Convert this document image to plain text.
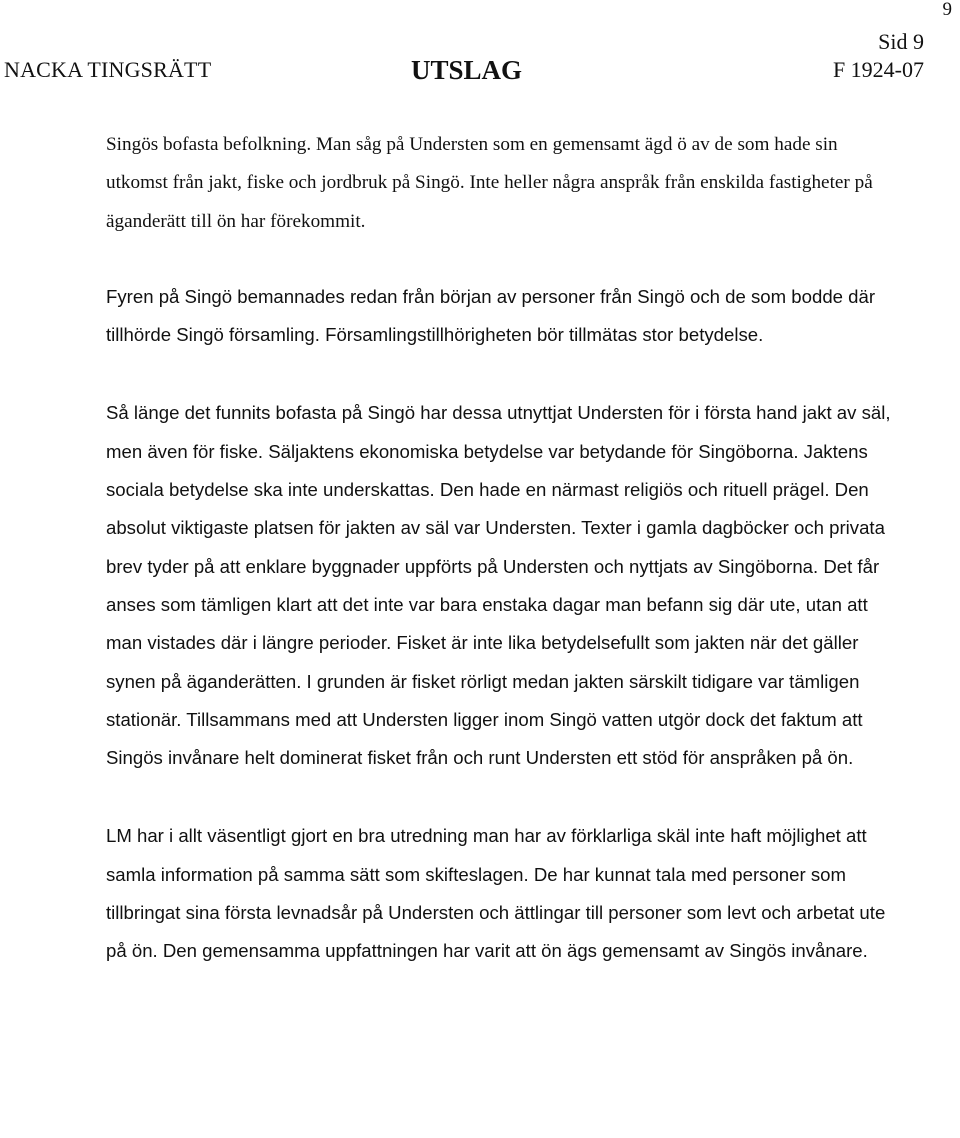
9
Sid 9
NACKA TINGSRÄTT	UTSLAG	F 1924-07

Singös bofasta befolkning. Man såg på Understen som en gemensamt ägd ö av de som hade sin utkomst från jakt, fiske och jordbruk på Singö. Inte heller några anspråk från enskilda fastigheter på äganderätt till ön har förekommit.

Fyren på Singö bemannades redan från början av personer från Singö och de som bodde där tillhörde Singö församling. Församlingstillhörigheten bör tillmätas stor betydelse.

Så länge det funnits bofasta på Singö har dessa utnyttjat Understen för i första hand jakt av säl, men även för fiske. Säljaktens ekonomiska betydelse var betydande för Singöborna. Jaktens sociala betydelse ska inte underskattas. Den hade en närmast religiös och rituell prägel. Den absolut viktigaste platsen för jakten av säl var Understen. Texter i gamla dagböcker och privata brev tyder på att enklare byggnader uppförts på Understen och nyttjats av Singöborna. Det får anses som tämligen klart att det inte var bara enstaka dagar man befann sig där ute, utan att man vistades där i längre perioder. Fisket är inte lika betydelsefullt som jakten när det gäller synen på äganderätten. I grunden är fisket rörligt medan jakten särskilt tidigare var tämligen stationär. Tillsammans med att Understen ligger inom Singö vatten utgör dock det faktum att Singös invånare helt dominerat fisket från och runt Understen ett stöd för anspråken på ön.

LM har i allt väsentligt gjort en bra utredning man har av förklarliga skäl inte haft möjlighet att samla information på samma sätt som skifteslagen. De har kunnat tala med personer som tillbringat sina första levnadsår på Understen och ättlingar till personer som levt och arbetat ute på ön. Den gemensamma uppfattningen har varit att ön ägs gemensamt av Singös invånare.
